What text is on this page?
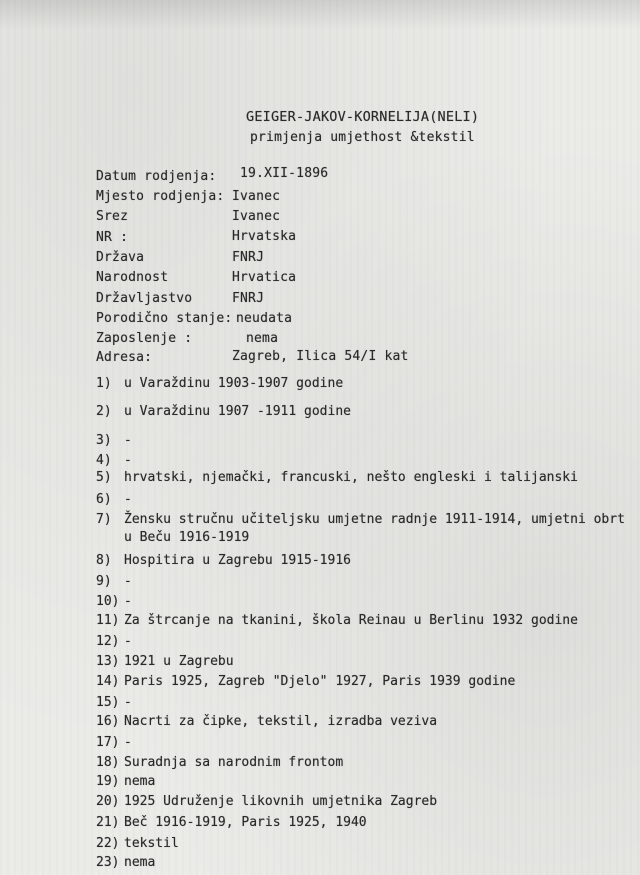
GEIGER-JAKOV-KORNELIJA(NELI)
primjenja umjethost &tekstil
Datum rodjenja: 19.XII-1896
Mjesto rodjenja: Ivanec
Srez	Ivanec
NR :	Hrvatska
Država	FNRJ
Narodnost	Hrvatica
Državljastvo	FNRJ
Porodično stanje: neudata
Zaposlenje :	nema
Adresa:	Zagreb, Ilica 54/I kat
1) u Varaždinu 1903-1907 godine
2) u Varaždinu 1907 -1911 godine
3) -
4) -
5) hrvatski, njemački, francuski, nešto engleski i talijanski
6) -
7) Žensku stručnu učiteljsku umjetne radnje 1911-1914, umjetni obrt
u Beču 1916-1919
8) Hospitira u Zagrebu 1915-1916
9) -
10) -
11) Za štrcanje na tkanini, škola Reinau u Berlinu 1932 godine
12) -
13) 1921 u Zagrebu
14) Paris 1925, Zagreb "Djelo" 1927, Paris 1939 godine
15) -
16) Nacrti za čipke, tekstil, izradba veziva
17) -
18) Suradnja sa narodnim frontom
19) nema
20) 1925 Udruženje likovnih umjetnika Zagreb
21) Beč 1916-1919, Paris 1925, 1940
22) tekstil
23) nema
